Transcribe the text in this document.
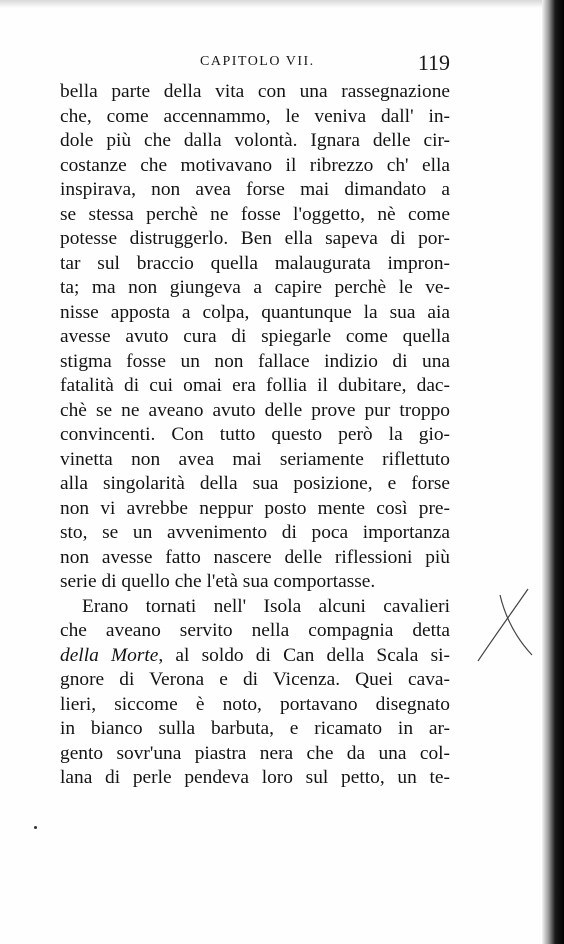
CAPITOLO VII.	119
bella parte della vita con una rassegnazione
che, come accennammo, le veniva dall' in-
dole più che dalla volontà. Ignara delle cir-
costanze che motivavano il ribrezzo ch' ella
inspirava, non avea forse mai dimandato a
se stessa perchè ne fosse l'oggetto, nè come
potesse distruggerlo. Ben ella sapeva di por-
tar sul braccio quella malaugurata impron-
ta; ma non giungeva a capire perchè le ve-
nisse apposta a colpa, quantunque la sua aia
avesse avuto cura di spiegarle come quella
stigma fosse un non fallace indizio di una
fatalità di cui omai era follia il dubitare, dac-
chè se ne aveano avuto delle prove pur troppo
convincenti. Con tutto questo però la gio-
vinetta non avea mai seriamente riflettuto
alla singolarità della sua posizione, e forse
non vi avrebbe neppur posto mente così pre-
sto, se un avvenimento di poca importanza
non avesse fatto nascere delle riflessioni più
serie di quello che l'età sua comportasse.
Erano tornati nell' Isola alcuni cavalieri
che aveano servito nella compagnia detta
della Morte, al soldo di Can della Scala si-
gnore di Verona e di Vicenza. Quei cava-
lieri, siccome è noto, portavano disegnato
in bianco sulla barbuta, e ricamato in ar-
gento sovr'una piastra nera che da una col-
lana di perle pendeva loro sul petto, un te-
